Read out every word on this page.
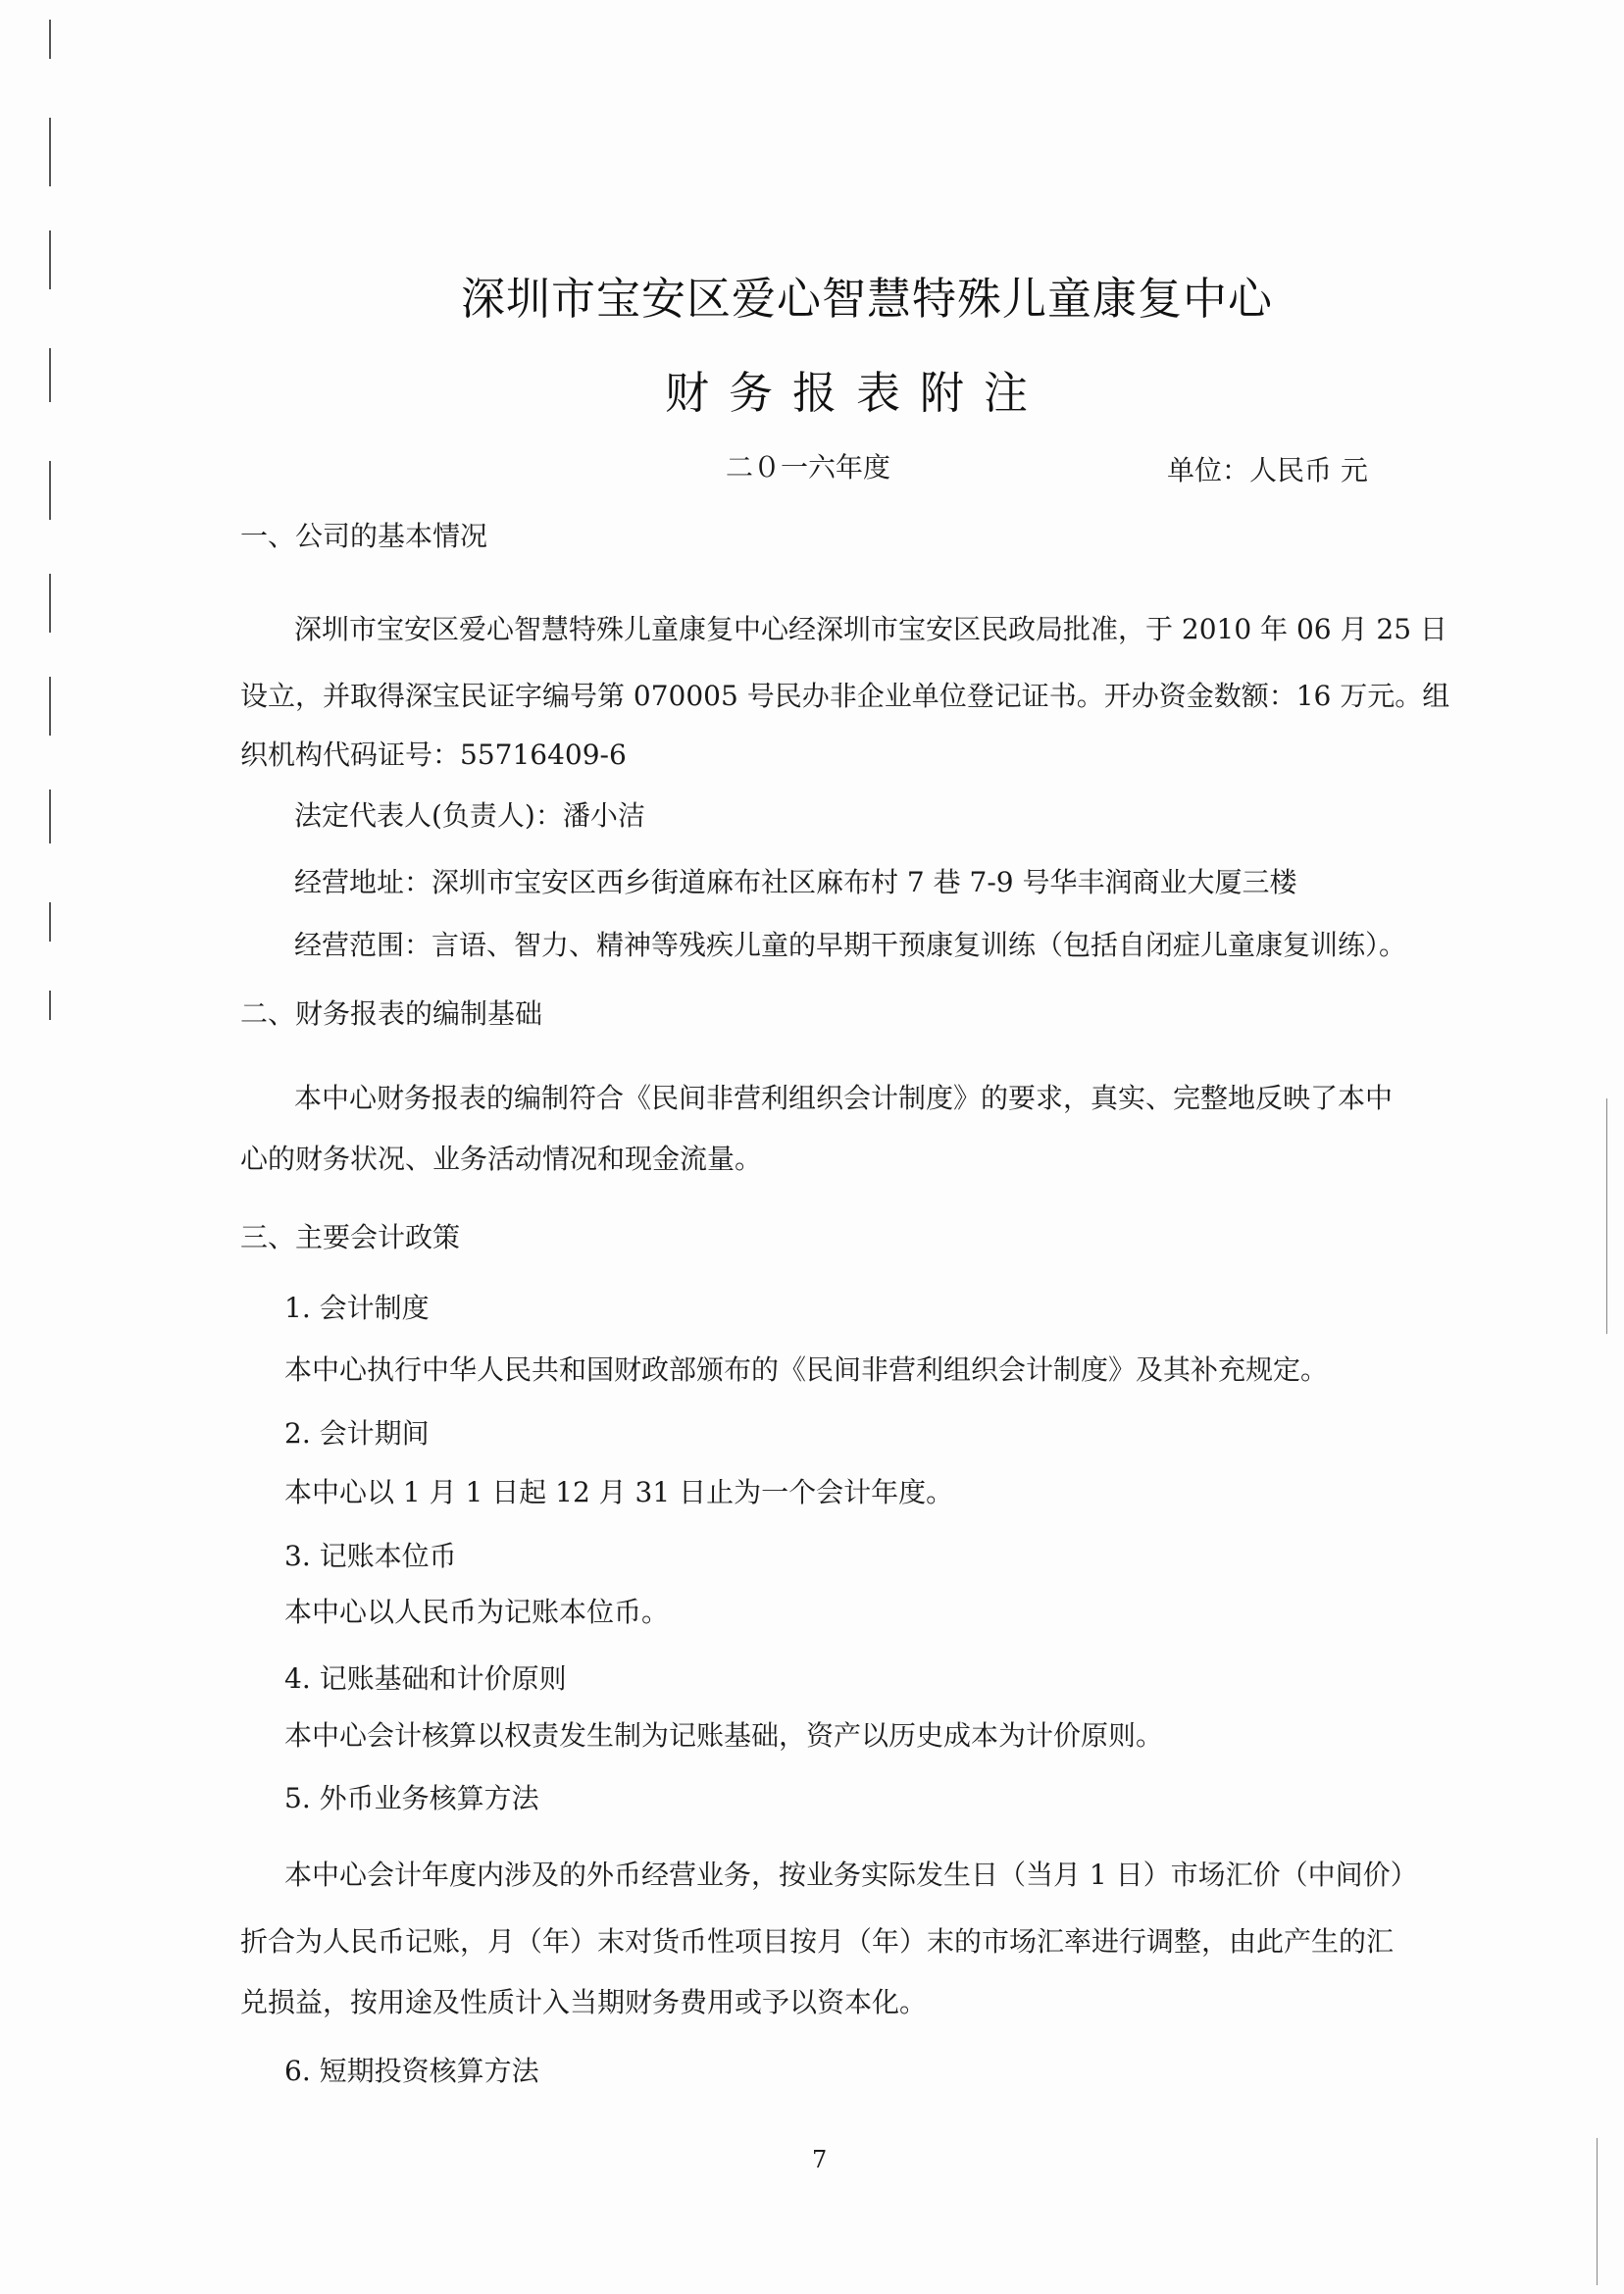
深圳市宝安区爱心智慧特殊儿童康复中心
财务报表附注
二０一六年度	单位：人民币 元
一、公司的基本情况
深圳市宝安区爱心智慧特殊儿童康复中心经深圳市宝安区民政局批准，于 2010 年 06 月 25 日
设立，并取得深宝民证字编号第 070005 号民办非企业单位登记证书。开办资金数额：16 万元。组
织机构代码证号：55716409-6
法定代表人(负责人)：潘小洁
经营地址：深圳市宝安区西乡街道麻布社区麻布村 7 巷 7-9 号华丰润商业大厦三楼
经营范围：言语、智力、精神等残疾儿童的早期干预康复训练（包括自闭症儿童康复训练）。
二、财务报表的编制基础
本中心财务报表的编制符合《民间非营利组织会计制度》的要求，真实、完整地反映了本中
心的财务状况、业务活动情况和现金流量。
三、主要会计政策
1. 会计制度
本中心执行中华人民共和国财政部颁布的《民间非营利组织会计制度》及其补充规定。
2. 会计期间
本中心以 1 月 1 日起 12 月 31 日止为一个会计年度。
3. 记账本位币
本中心以人民币为记账本位币。
4. 记账基础和计价原则
本中心会计核算以权责发生制为记账基础，资产以历史成本为计价原则。
5. 外币业务核算方法
本中心会计年度内涉及的外币经营业务，按业务实际发生日（当月 1 日）市场汇价（中间价）
折合为人民币记账，月（年）末对货币性项目按月（年）末的市场汇率进行调整，由此产生的汇
兑损益，按用途及性质计入当期财务费用或予以资本化。
6. 短期投资核算方法
7
